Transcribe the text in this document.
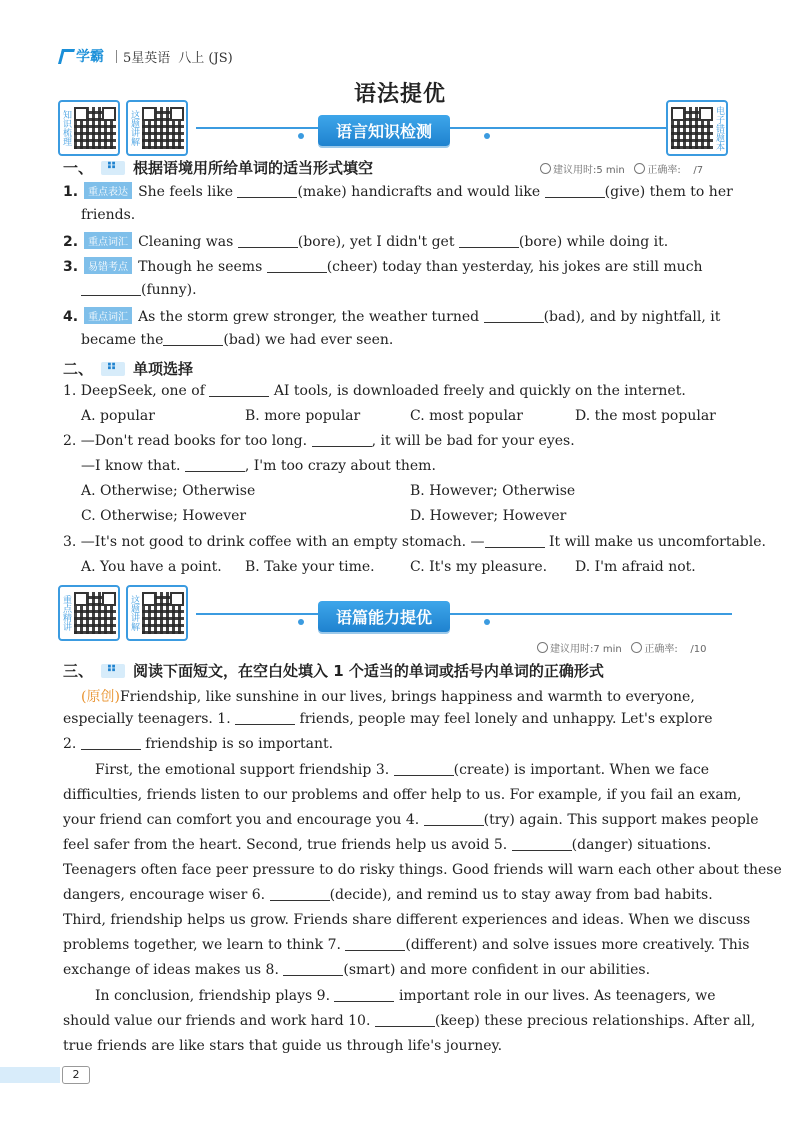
学霸 5星英语 八上 (JS)
语法提优
知识梳理	这题讲解	电子错题本
语言知识检测
一、 ⠶	根据语境用所给单词的适当形式填空	建议用时:5 min 正确率: /7
1. 重点表达 She feels like	(make) handicrafts and would like	(give) them to her
friends.
2. 重点词汇 Cleaning was	(bore), yet I didn't get	(bore) while doing it.
3. 易错考点 Though he seems	(cheer) today than yesterday, his jokes are still much
(funny).
4. 重点词汇 As the storm grew stronger, the weather turned	(bad), and by nightfall, it
became the	(bad) we had ever seen.
二、 ⠶	单项选择
1. DeepSeek, one of	AI tools, is downloaded freely and quickly on the internet.
A. popular	B. more popular	C. most popular	D. the most popular
2. —Don't read books for too long.	, it will be bad for your eyes.
—I know that.	, I'm too crazy about them.
A. Otherwise; Otherwise	B. However; Otherwise
C. Otherwise; However	D. However; However
3. —It's not good to drink coffee with an empty stomach. —	It will make us uncomfortable.
A. You have a point. B. Take your time.	C. It's my pleasure. D. I'm afraid not.
重点精讲	这题讲解	语篇能力提优
建议用时:7 min 正确率: /10
三、 ⠶	阅读下面短文，在空白处填入 1 个适当的单词或括号内单词的正确形式
(原创)Friendship, like sunshine in our lives, brings happiness and warmth to everyone,
especially teenagers. 1.	friends, people may feel lonely and unhappy. Let's explore
2.	friendship is so important.
First, the emotional support friendship 3.	(create) is important. When we face
difficulties, friends listen to our problems and offer help to us. For example, if you fail an exam,
your friend can comfort you and encourage you 4.	(try) again. This support makes people
feel safer from the heart. Second, true friends help us avoid 5.	(danger) situations.
Teenagers often face peer pressure to do risky things. Good friends will warn each other about these
dangers, encourage wiser 6.	(decide), and remind us to stay away from bad habits.
Third, friendship helps us grow. Friends share different experiences and ideas. When we discuss
problems together, we learn to think 7.	(different) and solve issues more creatively. This
exchange of ideas makes us 8.	(smart) and more confident in our abilities.
In conclusion, friendship plays 9.	important role in our lives. As teenagers, we
should value our friends and work hard 10.	(keep) these precious relationships. After all,
true friends are like stars that guide us through life's journey.
2
